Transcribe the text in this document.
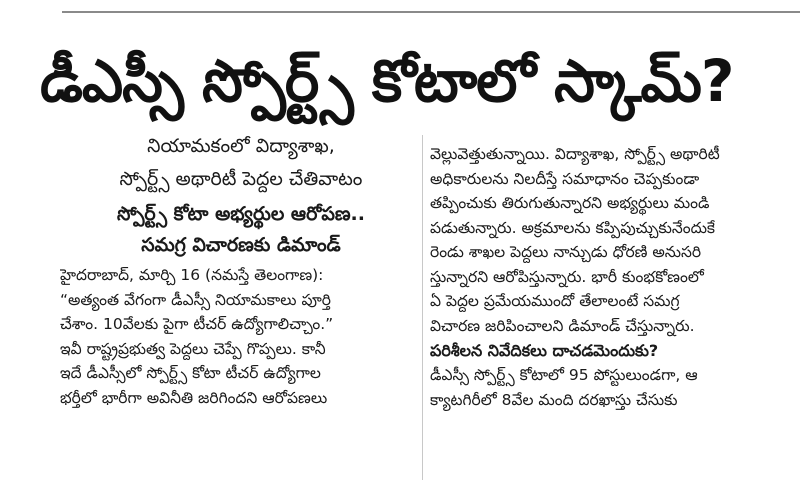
డీఎస్సీ స్పోర్ట్స్ కోటాలో స్కామ్?
నియామకంలో విద్యాశాఖ,
స్పోర్ట్స్ అథారిటీ పెద్దల చేతివాటం
స్పోర్ట్స్ కోటా అభ్యర్థుల ఆరోపణ..
సమగ్ర విచారణకు డిమాండ్
హైదరాబాద్, మార్చి 16 (నమస్తే తెలంగాణ):
“అత్యంత వేగంగా డీఎస్సీ నియామకాలు పూర్తి
చేశాం. 10వేలకు పైగా టీచర్ ఉద్యోగాలిచ్చాం.”
ఇవీ రాష్ట్రప్రభుత్వ పెద్దలు చెప్పే గొప్పలు. కానీ
ఇదే డీఎస్సీలో స్పోర్ట్స్ కోటా టీచర్ ఉద్యోగాల
భర్తీలో భారీగా అవినీతి జరిగిందని ఆరోపణలు
వెల్లువెత్తుతున్నాయి. విద్యాశాఖ, స్పోర్ట్స్ అథారిటీ
అధికారులను నిలదీస్తే సమాధానం చెప్పకుండా
తప్పించుకు తిరుగుతున్నారని అభ్యర్థులు మండి
పడుతున్నారు. అక్రమాలను కప్పిపుచ్చుకునేందుకే
రెండు శాఖల పెద్దలు నాన్చుడు ధోరణి అనుసరి
స్తున్నారని ఆరోపిస్తున్నారు. భారీ కుంభకోణంలో
ఏ పెద్దల ప్రమేయముందో తేలాలంటే సమగ్ర
విచారణ జరిపించాలని డిమాండ్ చేస్తున్నారు.
పరిశీలన నివేదికలు దాచడమెందుకు?
డీఎస్సీ స్పోర్ట్స్ కోటాలో 95 పోస్టులుండగా, ఆ
క్యాటగిరీలో 8వేల మంది దరఖాస్తు చేసుకు
